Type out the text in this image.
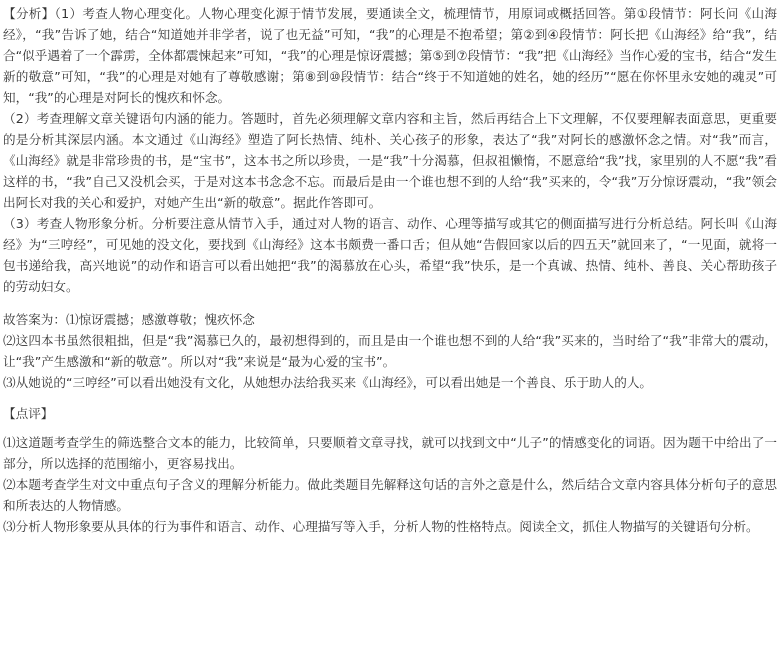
【分析】（1）考查人物心理变化。人物心理变化源于情节发展，要通读全文，梳理情节，用原词或概括回答。第①段情节：阿长问《山海经》，“我”告诉了她，结合“知道她并非学者，说了也无益”可知，“我”的心理是不抱希望；第②到④段情节：阿长把《山海经》给“我”，结合“似乎遇着了一个霹雳，全体都震悚起来”可知，“我”的心理是惊讶震撼；第⑤到⑦段情节：“我”把《山海经》当作心爱的宝书，结合“发生新的敬意”可知，“我”的心理是对她有了尊敬感谢；第⑧到⑩段情节：结合“终于不知道她的姓名，她的经历”“愿在你怀里永安她的魂灵”可知，“我”的心理是对阿长的愧疚和怀念。

（2）考查理解文章关键语句内涵的能力。答题时，首先必须理解文章内容和主旨，然后再结合上下文理解，不仅要理解表面意思，更重要的是分析其深层内涵。本文通过《山海经》塑造了阿长热情、纯朴、关心孩子的形象，表达了“我”对阿长的感激怀念之情。对“我”而言，《山海经》就是非常珍贵的书，是“宝书”，这本书之所以珍贵，一是“我”十分渴慕，但叔祖懒惰，不愿意给“我”找，家里别的人不愿“我”看这样的书，“我”自己又没机会买，于是对这本书念念不忘。而最后是由一个谁也想不到的人给“我”买来的，令“我”万分惊讶震动，“我”领会出阿长对我的关心和爱护，对她产生出“新的敬意”。据此作答即可。

（3）考查人物形象分析。分析要注意从情节入手，通过对人物的语言、动作、心理等描写或其它的侧面描写进行分析总结。阿长叫《山海经》为“三哼经”，可见她的没文化，要找到《山海经》这本书颇费一番口舌；但从她“告假回家以后的四五天”就回来了，“一见面，就将一包书递给我，高兴地说”的动作和语言可以看出她把“我”的渴慕放在心头，希望“我”快乐，是一个真诚、热情、纯朴、善良、关心帮助孩子的劳动妇女。

故答案为：⑴惊讶震撼；感激尊敬；愧疚怀念

⑵这四本书虽然很粗拙，但是“我”渴慕已久的，最初想得到的，而且是由一个谁也想不到的人给“我”买来的，当时给了“我”非常大的震动，让“我”产生感激和“新的敬意”。所以对“我”来说是“最为心爱的宝书”。

⑶从她说的“三哼经”可以看出她没有文化，从她想办法给我买来《山海经》，可以看出她是一个善良、乐于助人的人。

【点评】

⑴这道题考查学生的筛选整合文本的能力，比较简单，只要顺着文章寻找，就可以找到文中“儿子”的情感变化的词语。因为题干中给出了一部分，所以选择的范围缩小，更容易找出。

⑵本题考查学生对文中重点句子含义的理解分析能力。做此类题目先解释这句话的言外之意是什么，然后结合文章内容具体分析句子的意思和所表达的人物情感。

⑶分析人物形象要从具体的行为事件和语言、动作、心理描写等入手，分析人物的性格特点。阅读全文，抓住人物描写的关键语句分析。
